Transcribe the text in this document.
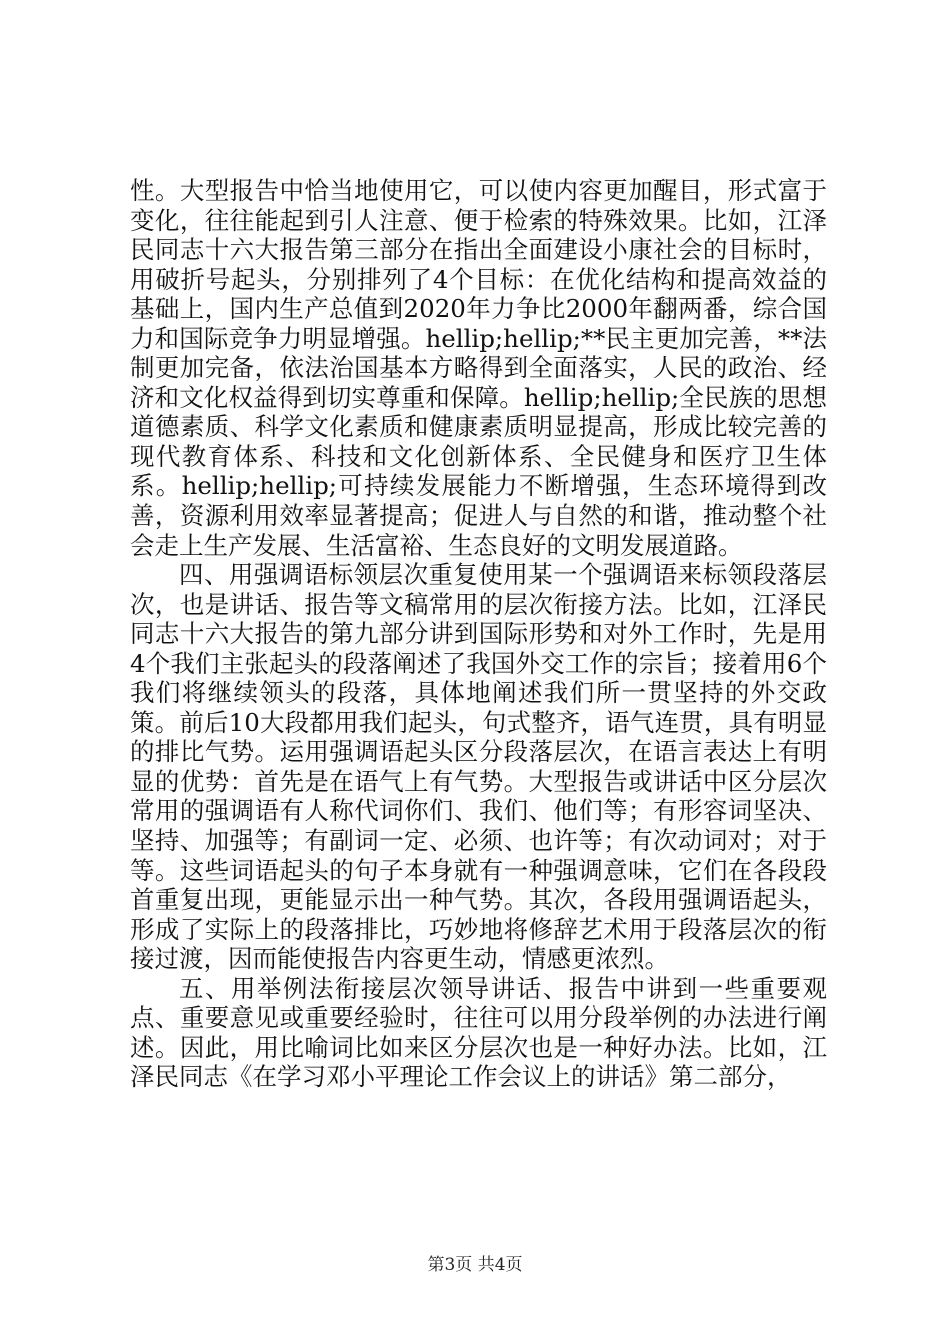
性。大型报告中恰当地使用它，可以使内容更加醒目，形式富于变化，往往能起到引人注意、便于检索的特殊效果。比如，江泽民同志十六大报告第三部分在指出全面建设小康社会的目标时，用破折号起头，分别排列了4个目标：在优化结构和提高效益的基础上，国内生产总值到2020年力争比2000年翻两番，综合国力和国际竞争力明显增强。hellip;hellip;**民主更加完善，**法制更加完备，依法治国基本方略得到全面落实，人民的政治、经济和文化权益得到切实尊重和保障。hellip;hellip;全民族的思想道德素质、科学文化素质和健康素质明显提高，形成比较完善的现代教育体系、科技和文化创新体系、全民健身和医疗卫生体系。hellip;hellip;可持续发展能力不断增强，生态环境得到改善，资源利用效率显著提高；促进人与自然的和谐，推动整个社会走上生产发展、生活富裕、生态良好的文明发展道路。

四、用强调语标领层次重复使用某一个强调语来标领段落层次，也是讲话、报告等文稿常用的层次衔接方法。比如，江泽民同志十六大报告的第九部分讲到国际形势和对外工作时，先是用4个我们主张起头的段落阐述了我国外交工作的宗旨；接着用6个我们将继续领头的段落，具体地阐述我们所一贯坚持的外交政策。前后10大段都用我们起头，句式整齐，语气连贯，具有明显的排比气势。运用强调语起头区分段落层次，在语言表达上有明显的优势：首先是在语气上有气势。大型报告或讲话中区分层次常用的强调语有人称代词你们、我们、他们等；有形容词坚决、坚持、加强等；有副词一定、必须、也许等；有次动词对；对于等。这些词语起头的句子本身就有一种强调意味，它们在各段段首重复出现，更能显示出一种气势。其次，各段用强调语起头，形成了实际上的段落排比，巧妙地将修辞艺术用于段落层次的衔接过渡，因而能使报告内容更生动，情感更浓烈。

五、用举例法衔接层次领导讲话、报告中讲到一些重要观点、重要意见或重要经验时，往往可以用分段举例的办法进行阐述。因此，用比喻词比如来区分层次也是一种好办法。比如，江泽民同志《在学习邓小平理论工作会议上的讲话》第二部分，

第3页 共4页
